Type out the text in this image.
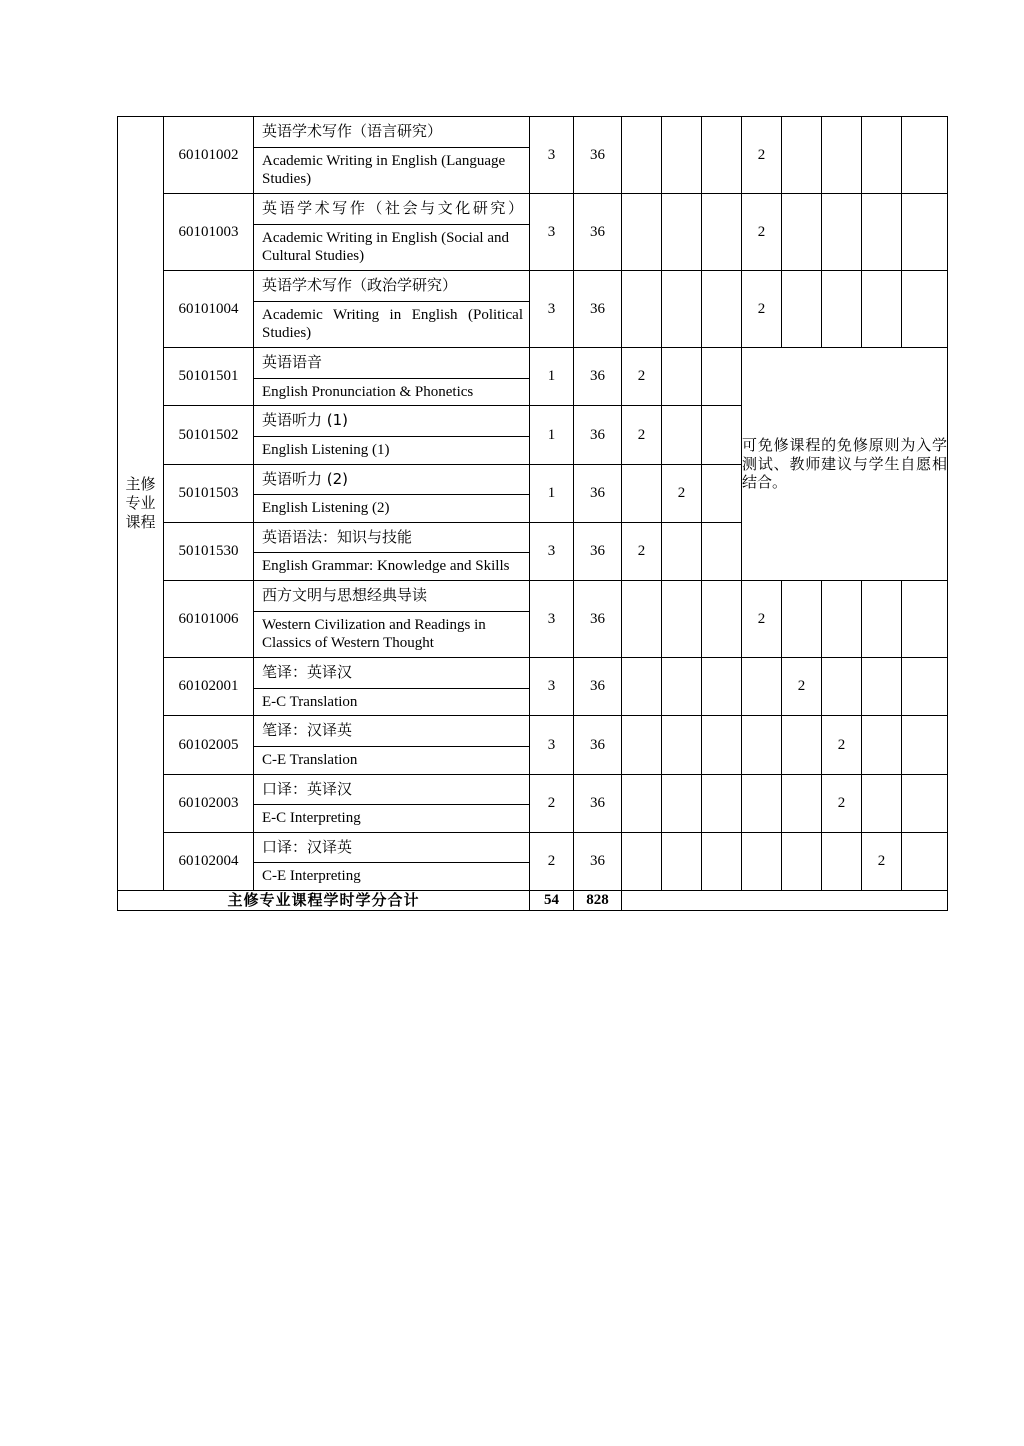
主修
专业
课程
	60101002	
英语学术写作（语言研究）
Academic Writing in English (Language Studies)
	3	36				2				
	60101003	英语学术写作（社会与文化研究）
Academic Writing in English (Social and Cultural Studies)	3	36				2				
	60101004	英语学术写作（政治学研究）
Academic Writing in English (Political Studies)	3	36				2				
	50101501	英语语音
English Pronunciation & Phonetics	1	36	2			可免修课程的免修原则为入学测试、教师建议与学生自愿相结合。				
	50101502	英语听力 (1)
English Listening (1)	1	36	2							
	50101503	英语听力 (2)
English Listening (2)	1	36		2						
	50101530	英语语法：知识与技能
English Grammar: Knowledge and Skills	3	36	2							
	60101006	西方文明与思想经典导读
Western Civilization and Readings in Classics of Western Thought	3	36				2				
	60102001	笔译：英译汉
E-C Translation	3	36					2			
	60102005	笔译：汉译英
C-E Translation	3	36						2		
	60102003	口译：英译汉
E-C Interpreting	2	36						2		
	60102004	口译：汉译英
C-E Interpreting	2	36							2	
主修专业课程学时学分合计			54	828								
